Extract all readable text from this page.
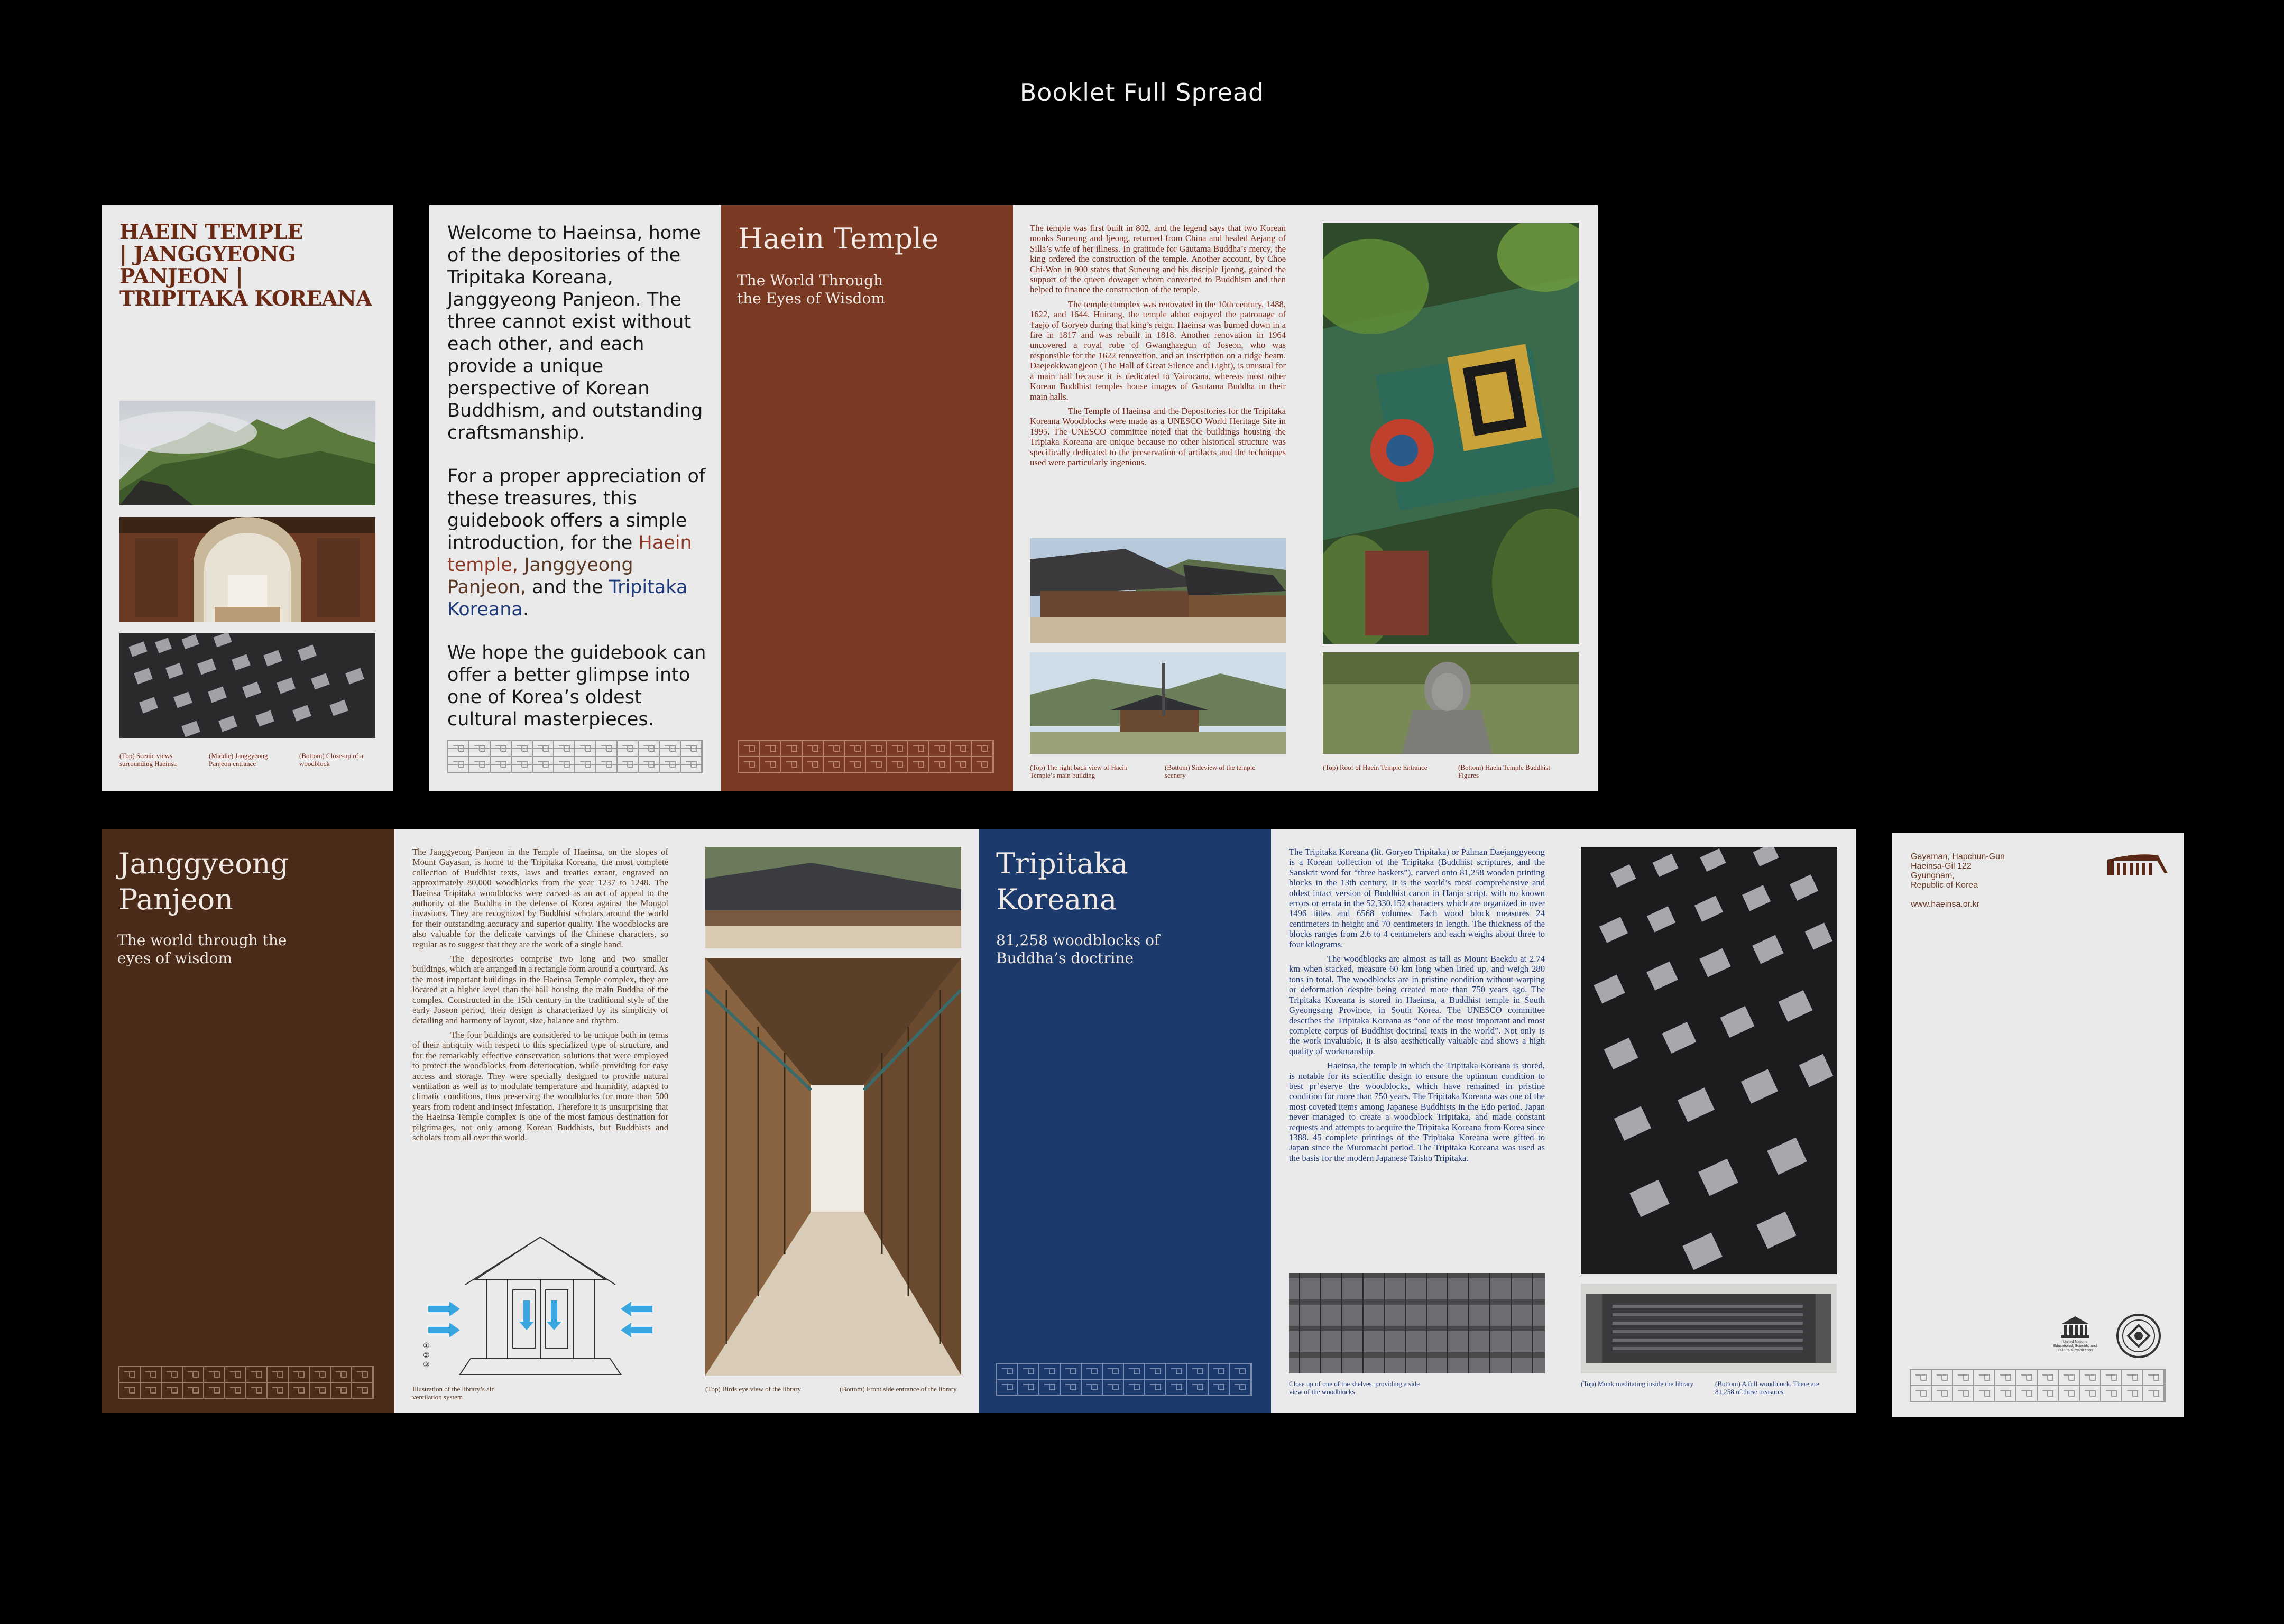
Booklet Full Spread
HAEIN TEMPLE
| JANGGYEONG PANJEON |
TRIPITAKA KOREANA
(Top) Scenic views surrounding Haeinsa
(Middle) Janggyeong Panjeon entrance
(Bottom) Close-up of a woodblock

Welcome to Haeinsa, home of the depositories of the Tripitaka Koreana, Janggyeong Panjeon. The three cannot exist without each other, and each provide a unique perspective of Korean Buddhism, and outstanding craftsmanship.

For a proper appreciation of these treasures, this guidebook offers a simple introduction, for the Haein temple, Janggyeong Panjeon, and the Tripitaka Koreana.

We hope the guidebook can offer a better glimpse into one of Korea’s oldest cultural masterpieces.

Haein Temple
The World Through the Eyes of Wisdom

The temple was first built in 802, and the legend says that two Korean monks Suneung and Ijeong, returned from China and healed Aejang of Silla’s wife of her illness. In gratitude for Gautama Buddha’s mercy, the king ordered the construction of the temple. Another account, by Choe Chi-Won in 900 states that Suneung and his disciple Ijeong, gained the support of the queen dowager whom converted to Buddhism and then helped to finance the construction of the temple.

The temple complex was renovated in the 10th century, 1488, 1622, and 1644. Huirang, the temple abbot enjoyed the patronage of Taejo of Goryeo during that king’s reign. Haeinsa was burned down in a fire in 1817 and was rebuilt in 1818. Another renovation in 1964 uncovered a royal robe of Gwanghaegun of Joseon, who was responsible for the 1622 renovation, and an inscription on a ridge beam. Daejeokkwangjeon (The Hall of Great Silence and Light), is unusual for a main hall because it is dedicated to Vairocana, whereas most other Korean Buddhist temples house images of Gautama Buddha in their main halls.

The Temple of Haeinsa and the Depositories for the Tripitaka Koreana Woodblocks were made as a UNESCO World Heritage Site in 1995. The UNESCO committee noted that the buildings housing the Tripiaka Koreana are unique because no other historical structure was specifically dedicated to the preservation of artifacts and the techniques used were particularly ingenious.

(Top) The right back view of Haein Temple’s main building
(Bottom) Sideview of the temple scenery
(Top) Roof of Haein Temple Entrance	(Bottom) Haein Temple Buddhist Figures
Janggyeong
Panjeon
The world through the eyes of wisdom

The Janggyeong Panjeon in the Temple of Haeinsa, on the slopes of Mount Gayasan, is home to the Tripitaka Koreana, the most complete collection of Buddhist texts, laws and treaties extant, engraved on approximately 80,000 woodblocks from the year 1237 to 1248. The Haeinsa Tripitaka woodblocks were carved as an act of appeal to the authority of the Buddha in the defense of Korea against the Mongol invasions. They are recognized by Buddhist scholars around the world for their outstanding accuracy and superior quality. The woodblocks are also valuable for the delicate carvings of the Chinese characters, so regular as to suggest that they are the work of a single hand.

The depositories comprise two long and two smaller buildings, which are arranged in a rectangle form around a courtyard. As the most important buildings in the Haeinsa Temple complex, they are located at a higher level than the hall housing the main Buddha of the complex. Constructed in the 15th century in the traditional style of the early Joseon period, their design is characterized by its simplicity of detailing and harmony of layout, size, balance and rhythm.

The four buildings are considered to be unique both in terms of their antiquity with respect to this specialized type of structure, and for the remarkably effective conservation solutions that were employed to protect the woodblocks from deterioration, while providing for easy access and storage. They were specially designed to provide natural ventilation as well as to modulate temperature and humidity, adapted to climatic conditions, thus preserving the woodblocks for more than 500 years from rodent and insect infestation. Therefore it is unsurprising that the Haeinsa Temple complex is one of the most famous destination for pilgrimages, not only among Korean Buddhists, but Buddhists and scholars from all over the world.

①
②
③
Illustration of the library’s air ventilation system
(Top) Birds eye view of the library	(Bottom) Front side entrance of the library
Tripitaka
Koreana
81,258 woodblocks of Buddha’s doctrine

The Tripitaka Koreana (lit. Goryeo Tripitaka) or Palman Daejanggyeong is a Korean collection of the Tripitaka (Buddhist scriptures, and the Sanskrit word for “three baskets”), carved onto 81,258 wooden printing blocks in the 13th century. It is the world’s most comprehensive and oldest intact version of Buddhist canon in Hanja script, with no known errors or errata in the 52,330,152 characters which are organized in over 1496 titles and 6568 volumes. Each wood block measures 24 centimeters in height and 70 centimeters in length. The thickness of the blocks ranges from 2.6 to 4 centimeters and each weighs about three to four kilograms.

The woodblocks are almost as tall as Mount Baekdu at 2.74 km when stacked, measure 60 km long when lined up, and weigh 280 tons in total. The woodblocks are in pristine condition without warping or deformation despite being created more than 750 years ago. The Tripitaka Koreana is stored in Haeinsa, a Buddhist temple in South Gyeongsang Province, in South Korea. The UNESCO committee describes the Tripitaka Koreana as “one of the most important and most complete corpus of Buddhist doctrinal texts in the world”. Not only is the work invaluable, it is also aesthetically valuable and shows a high quality of workmanship.

Haeinsa, the temple in which the Tripitaka Koreana is stored, is notable for its scientific design to ensure the optimum condition to best pr’eserve the woodblocks, which have remained in pristine condition for more than 750 years. The Tripitaka Koreana was one of the most coveted items among Japanese Buddhists in the Edo period. Japan never managed to create a woodblock Tripitaka, and made constant requests and attempts to acquire the Tripitaka Koreana from Korea since 1388. 45 complete printings of the Tripitaka Koreana were gifted to Japan since the Muromachi period. The Tripitaka Koreana was used as the basis for the modern Japanese Taisho Tripitaka.

Close up of one of the shelves, providing a side view of the woodblocks
(Top) Monk meditating inside the library	(Bottom) A full woodblock. There are 81,258 of these treasures.
Gayaman, Hapchun-Gun
Haeinsa-Gil 122
Gyungnam,
Republic of Korea
www.haeinsa.or.kr
United Nations
Educational, Scientific and
Cultural Organization
